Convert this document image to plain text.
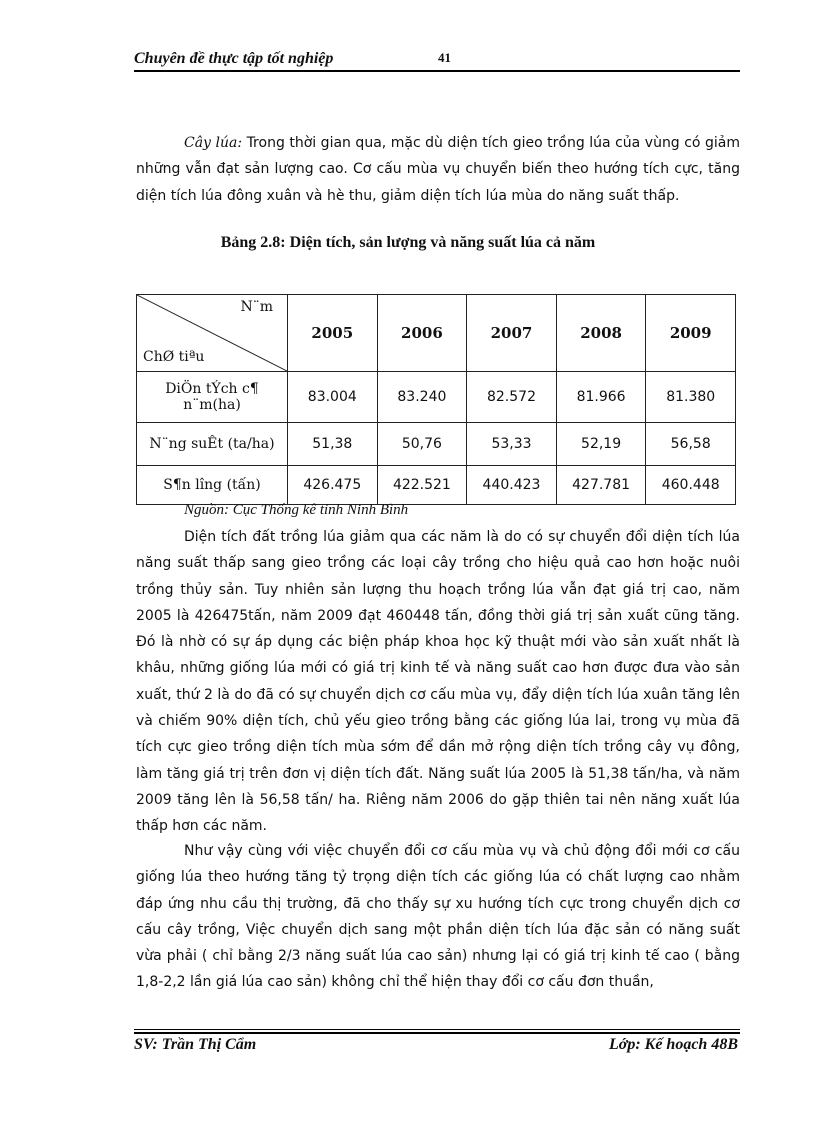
Chuyên đề thực tập tốt nghiệp	41

Cây lúa: Trong thời gian qua, mặc dù diện tích gieo trồng lúa của vùng có giảm những vẫn đạt sản lượng cao. Cơ cấu mùa vụ chuyển biến theo hướng tích cực, tăng diện tích lúa đông xuân và hè thu, giảm diện tích lúa mùa do năng suất thấp.

Bảng 2.8: Diện tích, sản lượng và năng suất lúa cả năm
N¨m
ChØ tiªu	2005	2006	2007	2008	2009
DiÖn tÝch c¶ n¨m(ha)	83.004	83.240	82.572	81.966	81.380
N¨ng suÊt (ta/ha)	51,38	50,76	53,33	52,19	56,58
S¶n lîng (tấn)	426.475	422.521	440.423	427.781	460.448
Nguồn: Cục Thống kê tỉnh Ninh Bình

Diện tích đất trồng lúa giảm qua các năm là do có sự chuyển đổi diện tích lúa năng suất thấp sang gieo trồng các loại cây trồng cho hiệu quả cao hơn hoặc nuôi trồng thủy sản. Tuy nhiên sản lượng thu hoạch trồng lúa vẫn đạt giá trị cao, năm 2005 là 426475tấn, năm 2009 đạt 460448 tấn, đồng thời giá trị sản xuất cũng tăng. Đó là nhờ có sự áp dụng các biện pháp khoa học kỹ thuật mới vào sản xuất nhất là khâu, những giống lúa mới có giá trị kinh tế và năng suất cao hơn được đưa vào sản xuất, thứ 2 là do đã có sự chuyển dịch cơ cấu mùa vụ, đẩy diện tích lúa xuân tăng lên và chiếm 90% diện tích, chủ yếu gieo trồng bằng các giống lúa lai, trong vụ mùa đã tích cực gieo trồng diện tích mùa sớm để dần mở rộng diện tích trồng cây vụ đông, làm tăng giá trị trên đơn vị diện tích đất. Năng suất lúa 2005 là 51,38 tấn/ha, và năm 2009 tăng lên là 56,58 tấn/ ha. Riêng năm 2006 do gặp thiên tai nên năng xuất lúa thấp hơn các năm.

Như vậy cùng với việc chuyển đổi cơ cấu mùa vụ và chủ động đổi mới cơ cấu giống lúa theo hướng tăng tỷ trọng diện tích các giống lúa có chất lượng cao nhằm đáp ứng nhu cầu thị trường, đã cho thấy sự xu hướng tích cực trong chuyển dịch cơ cấu cây trồng, Việc chuyển dịch sang một phần diện tích lúa đặc sản có năng suất vừa phải ( chỉ bằng 2/3 năng suất lúa cao sản) nhưng lại có giá trị kinh tế cao ( bằng 1,8-2,2 lần giá lúa cao sản) không chỉ thể hiện thay đổi cơ cấu đơn thuần,

SV: Trần Thị Cẩm	Lớp: Kế hoạch 48B
